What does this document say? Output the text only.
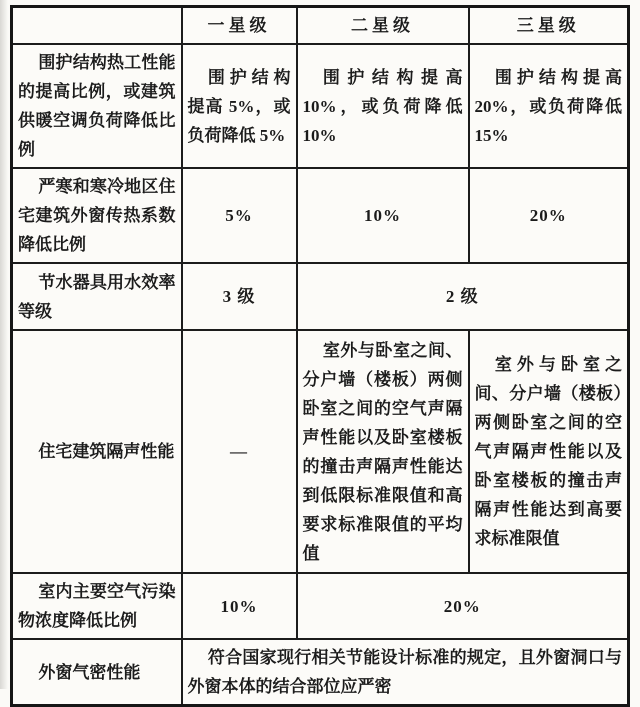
	一星级	二星级	三星级
围护结构热工性能的提高比例，或建筑供暖空调负荷降低比例	围护结构提高 5%，或负荷降低 5%	围护结构提高 10%，或负荷降低 10%	围护结构提高 20%，或负荷降低 15%
严寒和寒冷地区住宅建筑外窗传热系数降低比例	5%	10%	20%
节水器具用水效率等级	3 级	2 级	
住宅建筑隔声性能	—	室外与卧室之间、分户墙（楼板）两侧卧室之间的空气声隔声性能以及卧室楼板的撞击声隔声性能达到低限标准限值和高要求标准限值的平均值	室外与卧室之间、分户墙（楼板）两侧卧室之间的空气声隔声性能以及卧室楼板的撞击声隔声性能达到高要求标准限值
室内主要空气污染物浓度降低比例	10%	20%	
外窗气密性能	符合国家现行相关节能设计标准的规定，且外窗洞口与外窗本体的结合部位应严密		
